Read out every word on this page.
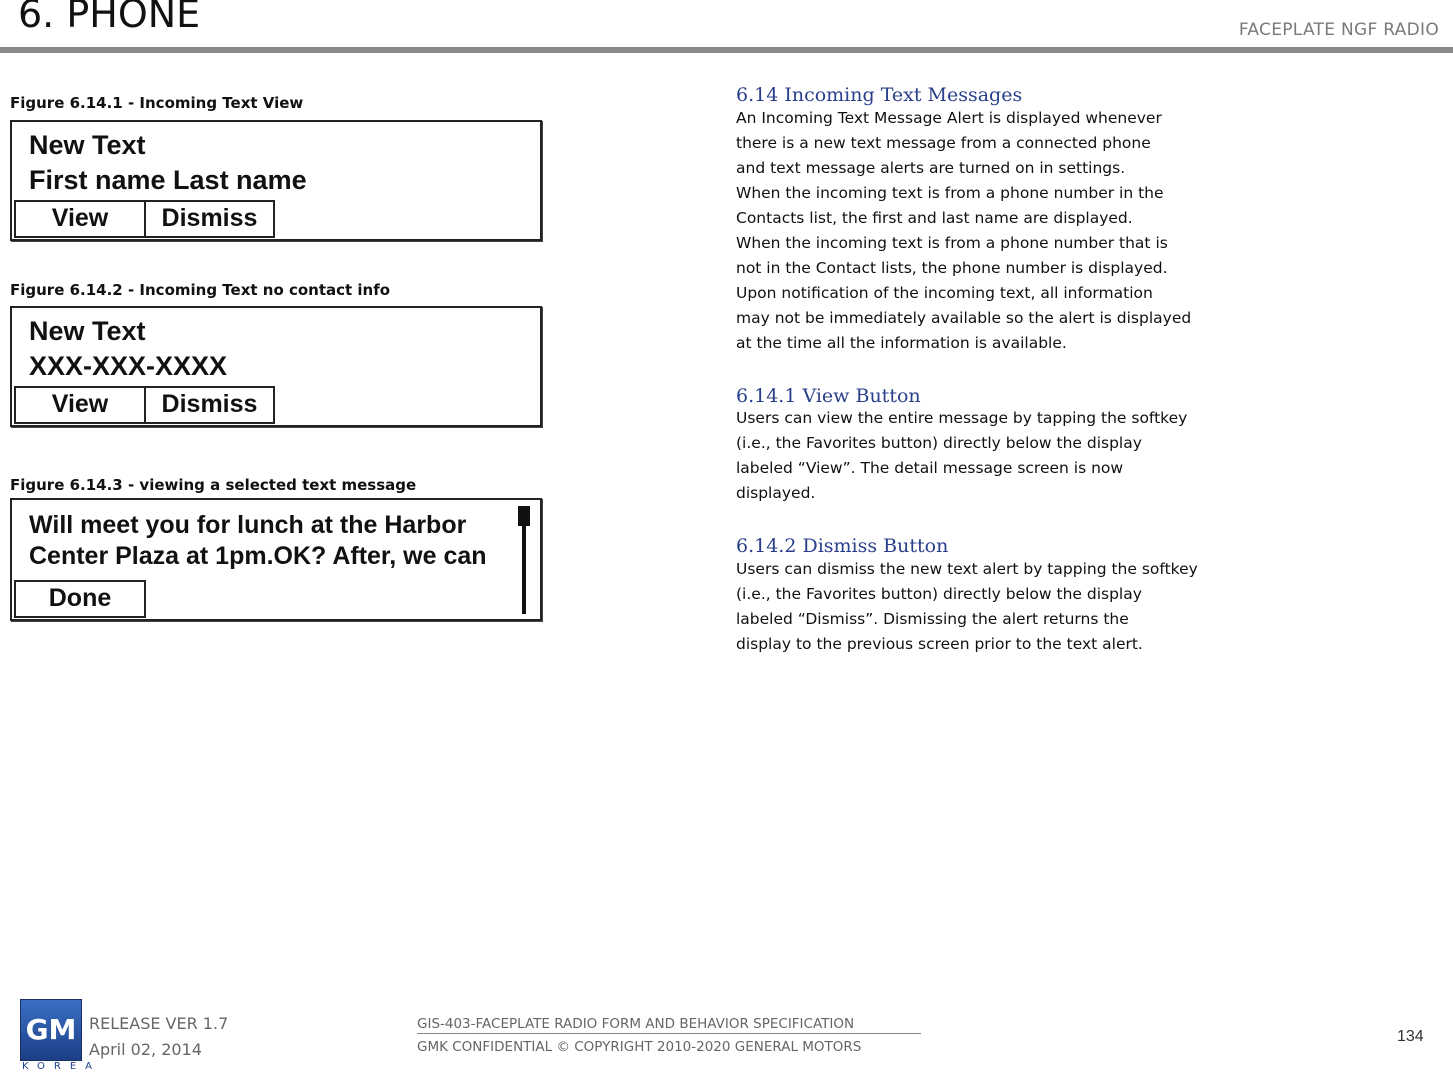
6. PHONE	FACEPLATE NGF RADIO
Figure 6.14.1 - Incoming Text View
New Text
First name Last name
View	Dismiss
Figure 6.14.2 - Incoming Text no contact info
New Text
XXX-XXX-XXXX
View	Dismiss
Figure 6.14.3 - viewing a selected text message
Will meet you for lunch at the Harbor
Center Plaza at 1pm.OK? After, we can
Done
6.14 Incoming Text Messages
An Incoming Text Message Alert is displayed whenever
there is a new text message from a connected phone
and text message alerts are turned on in settings.
When the incoming text is from a phone number in the
Contacts list, the first and last name are displayed.
When the incoming text is from a phone number that is
not in the Contact lists, the phone number is displayed.
Upon notification of the incoming text, all information
may not be immediately available so the alert is displayed
at the time all the information is available.
6.14.1 View Button
Users can view the entire message by tapping the softkey
(i.e., the Favorites button) directly below the display
labeled “View”. The detail message screen is now
displayed.
6.14.2 Dismiss Button
Users can dismiss the new text alert by tapping the softkey
(i.e., the Favorites button) directly below the display
labeled “Dismiss”. Dismissing the alert returns the
display to the previous screen prior to the text alert.
GM
KOREA
RELEASE VER 1.7
April 02, 2014
GIS-403-FACEPLATE RADIO FORM AND BEHAVIOR SPECIFICATION
GMK CONFIDENTIAL © COPYRIGHT 2010-2020 GENERAL MOTORS
134
